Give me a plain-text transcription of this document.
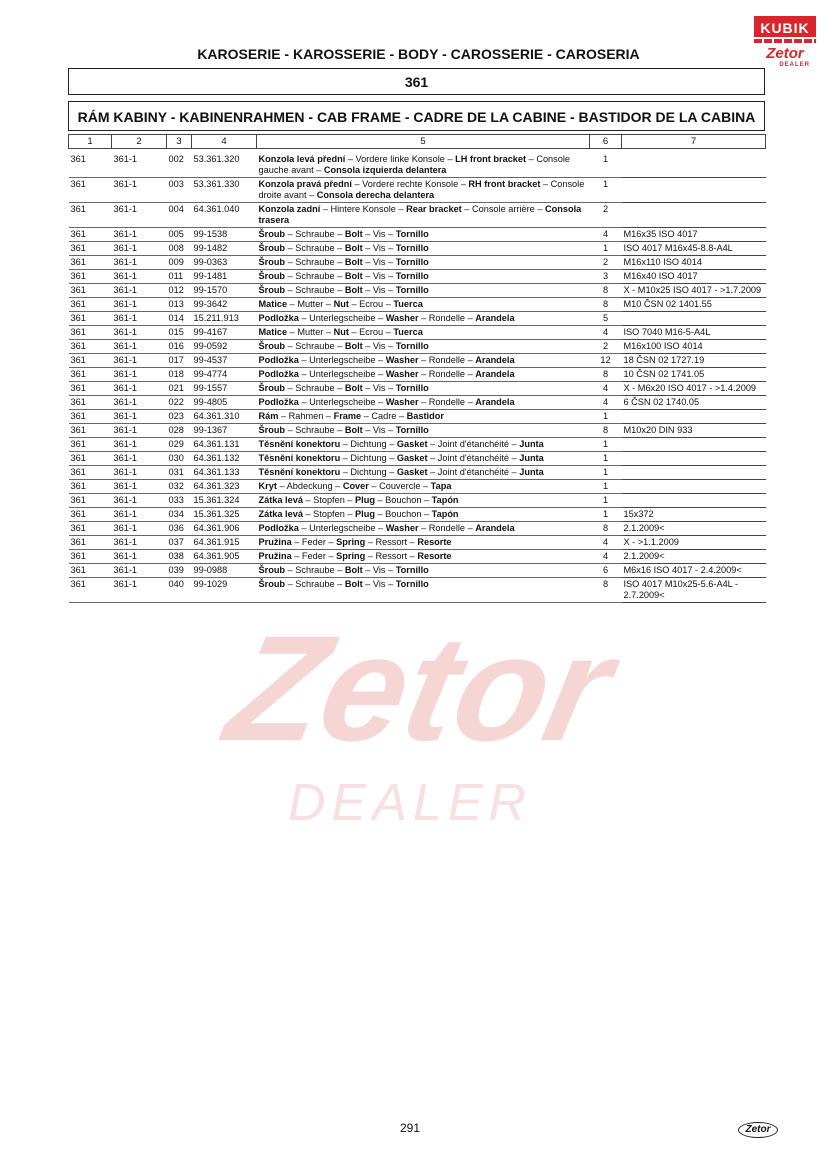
Zetor
DEALER
KUBIK
Zetor
DEALER
KAROSERIE - KAROSSERIE - BODY - CAROSSERIE - CAROSERIA
361
RÁM KABINY - KABINENRAHMEN - CAB FRAME - CADRE DE LA CABINE - BASTIDOR DE LA CABINA
1	2	3	4	5	6	7

361	361-1	002	53.361.320	Konzola levá přední – Vordere linke Konsole – LH front bracket – Console gauche avant – Consola izquierda delantera	1	
361	361-1	003	53.361.330	Konzola pravá přední – Vordere rechte Konsole – RH front bracket – Console droite avant – Consola derecha delantera	1	
361	361-1	004	64.361.040	Konzola zadní – Hintere Konsole – Rear bracket – Console arrière – Consola trasera	2	
361	361-1	005	99-1538	Šroub – Schraube – Bolt – Vis – Tornillo	4	M16x35 ISO 4017
361	361-1	008	99-1482	Šroub – Schraube – Bolt – Vis – Tornillo	1	ISO 4017 M16x45-8.8-A4L
361	361-1	009	99-0363	Šroub – Schraube – Bolt – Vis – Tornillo	2	M16x110 ISO 4014
361	361-1	011	99-1481	Šroub – Schraube – Bolt – Vis – Tornillo	3	M16x40 ISO 4017
361	361-1	012	99-1570	Šroub – Schraube – Bolt – Vis – Tornillo	8	X - M10x25 ISO 4017 - >1.7.2009
361	361-1	013	99-3642	Matice – Mutter – Nut – Ecrou – Tuerca	8	M10 ČSN 02 1401.55
361	361-1	014	15.211.913	Podložka – Unterlegscheibe – Washer – Rondelle – Arandela	5	
361	361-1	015	99-4167	Matice – Mutter – Nut – Ecrou – Tuerca	4	ISO 7040 M16-5-A4L
361	361-1	016	99-0592	Šroub – Schraube – Bolt – Vis – Tornillo	2	M16x100 ISO 4014
361	361-1	017	99-4537	Podložka – Unterlegscheibe – Washer – Rondelle – Arandela	12	18 ČSN 02 1727.19
361	361-1	018	99-4774	Podložka – Unterlegscheibe – Washer – Rondelle – Arandela	8	10 ČSN 02 1741.05
361	361-1	021	99-1557	Šroub – Schraube – Bolt – Vis – Tornillo	4	X - M6x20 ISO 4017 - >1.4.2009
361	361-1	022	99-4805	Podložka – Unterlegscheibe – Washer – Rondelle – Arandela	4	6 ČSN 02 1740.05
361	361-1	023	64.361.310	Rám – Rahmen – Frame – Cadre – Bastidor	1	
361	361-1	028	99-1367	Šroub – Schraube – Bolt – Vis – Tornillo	8	M10x20 DIN 933
361	361-1	029	64.361.131	Těsnění konektoru – Dichtung – Gasket – Joint d'étanchéité – Junta	1	
361	361-1	030	64.361.132	Těsnění konektoru – Dichtung – Gasket – Joint d'étanchéité – Junta	1	
361	361-1	031	64.361.133	Těsnění konektoru – Dichtung – Gasket – Joint d'étanchéité – Junta	1	
361	361-1	032	64.361.323	Kryt – Abdeckung – Cover – Couvercle – Tapa	1	
361	361-1	033	15.361.324	Zátka levá – Stopfen – Plug – Bouchon – Tapón	1	
361	361-1	034	15.361.325	Zátka levá – Stopfen – Plug – Bouchon – Tapón	1	15x372
361	361-1	036	64.361.906	Podložka – Unterlegscheibe – Washer – Rondelle – Arandela	8	2.1.2009<
361	361-1	037	64.361.915	Pružina – Feder – Spring – Ressort – Resorte	4	X - >1.1.2009
361	361-1	038	64.361.905	Pružina – Feder – Spring – Ressort – Resorte	4	2.1.2009<
361	361-1	039	99-0988	Šroub – Schraube – Bolt – Vis – Tornillo	6	M6x16 ISO 4017 - 2.4.2009<
361	361-1	040	99-1029	Šroub – Schraube – Bolt – Vis – Tornillo	8	ISO 4017 M10x25-5.6-A4L - 2.7.2009<
291	Zetor
